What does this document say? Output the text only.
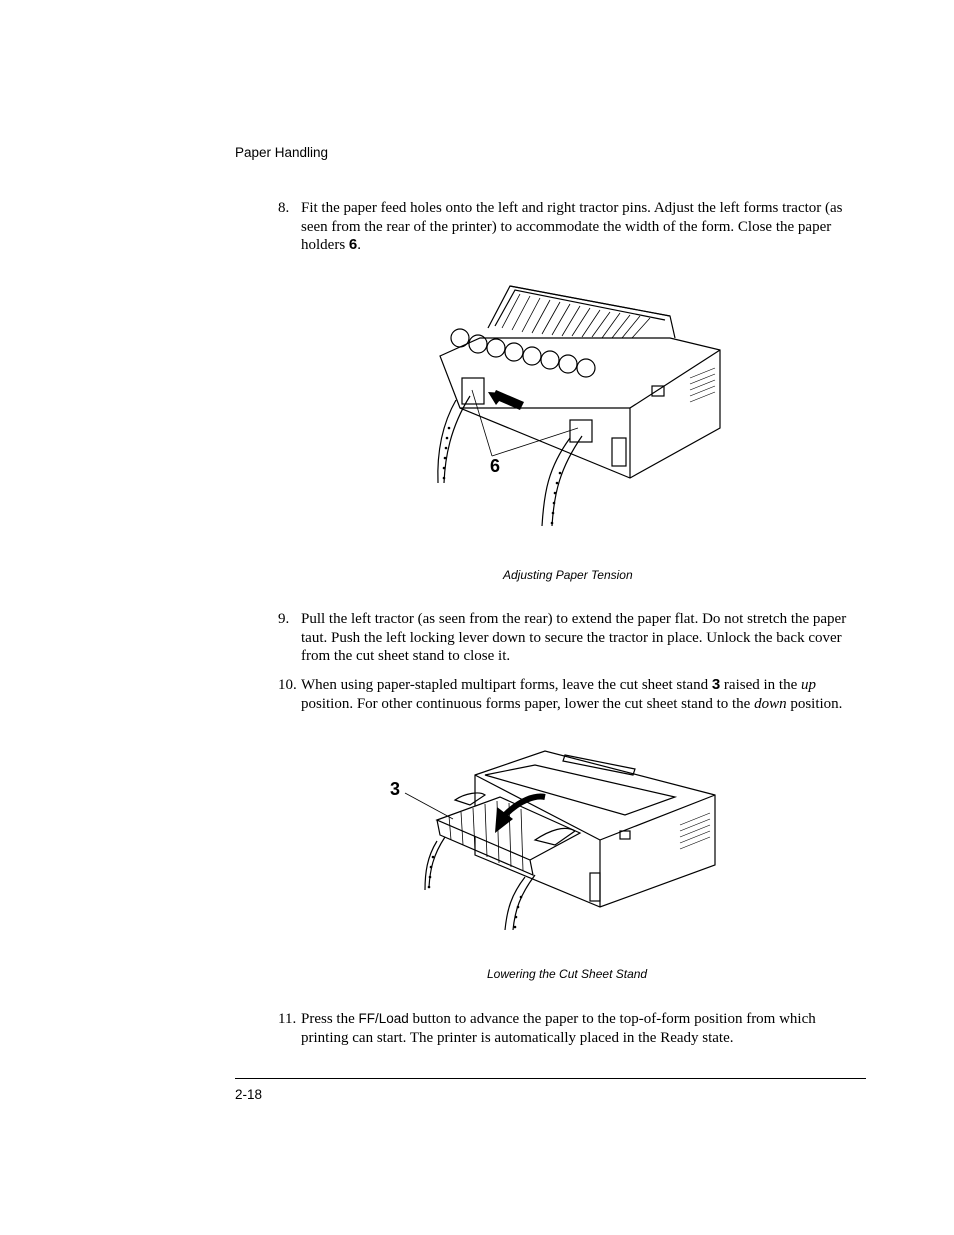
Paper Handling
8. Fit the paper feed holes onto the left and right tractor pins. Adjust the left forms tractor (as seen from the rear of the printer) to accommodate the width of the form. Close the paper holders 6.
6
Adjusting Paper Tension
9. Pull the left tractor (as seen from the rear) to extend the paper flat. Do not stretch the paper taut. Push the left locking lever down to secure the tractor in place. Unlock the back cover from the cut sheet stand to close it.
10. When using paper-stapled multipart forms, leave the cut sheet stand 3 raised in the up position. For other continuous forms paper, lower the cut sheet stand to the down position.
3
Lowering the Cut Sheet Stand
11. Press the FF/Load button to advance the paper to the top-of-form position from which printing can start. The printer is automatically placed in the Ready state.
2-18
